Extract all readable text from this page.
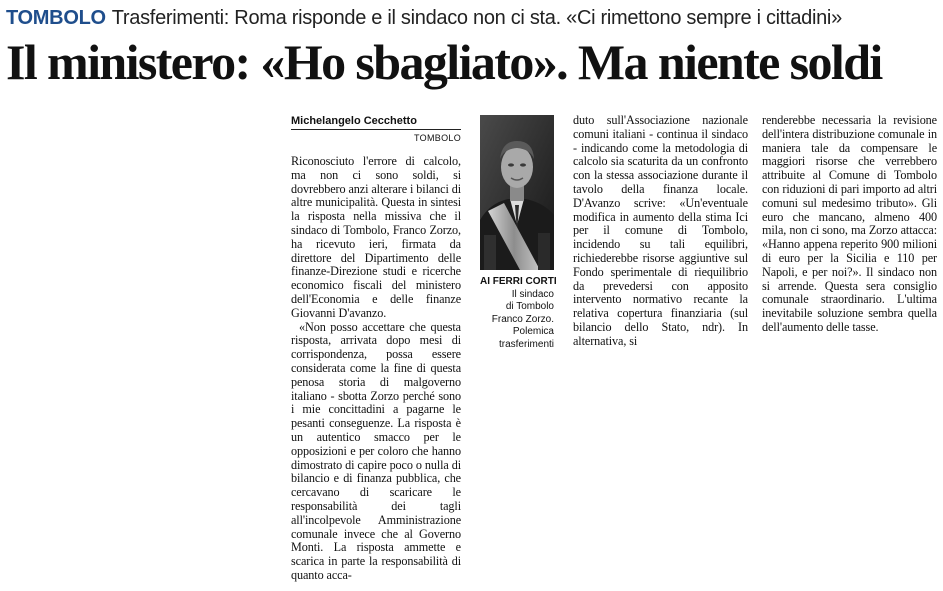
TOMBOLO Trasferimenti: Roma risponde e il sindaco non ci sta. «Ci rimettono sempre i cittadini»
Il ministero: «Ho sbagliato». Ma niente soldi
Michelangelo Cecchetto
TOMBOLO

Riconosciuto l'errore di calcolo, ma non ci sono soldi, si dovrebbero anzi alterare i bilanci di altre municipalità. Questa in sintesi la risposta nella missiva che il sindaco di Tombolo, Franco Zorzo, ha ricevuto ieri, firmata da direttore del Dipartimento delle finanze-Direzione studi e ricerche economico fiscali del ministero dell'Economia e delle finanze Giovanni D'avanzo.

«Non posso accettare che questa risposta, arrivata dopo mesi di corrispondenza, possa essere considerata come la fine di questa penosa storia di malgoverno italiano - sbotta Zorzo perché sono i mie concittadini a pagarne le pesanti conseguenze. La risposta è un autentico smacco per le opposizioni e per coloro che hanno dimostrato di capire poco o nulla di bilancio e di finanza pubblica, che cercavano di scaricare le responsabilità dei tagli all'incolpevole Amministrazione comunale invece che al Governo Monti. La risposta ammette e scarica in parte la responsabilità di quanto acca-

AI FERRI CORTI
Il sindaco
di Tombolo
Franco Zorzo.
Polemica
trasferimenti

duto sull'Associazione nazionale comuni italiani - continua il sindaco - indicando come la metodologia di calcolo sia scaturita da un confronto con la stessa associazione durante il tavolo della finanza locale. D'Avanzo scrive: «Un'eventuale modifica in aumento della stima Ici per il comune di Tombolo, incidendo su tali equilibri, richiederebbe risorse aggiuntive sul Fondo sperimentale di riequilibrio da prevedersi con apposito intervento normativo recante la relativa copertura finanziaria (sul bilancio dello Stato, ndr). In alternativa, si

renderebbe necessaria la revisione dell'intera distribuzione comunale in maniera tale da compensare le maggiori risorse che verrebbero attribuite al Comune di Tombolo con riduzioni di pari importo ad altri comuni sul medesimo tributo». Gli euro che mancano, almeno 400 mila, non ci sono, ma Zorzo attacca: «Hanno appena reperito 900 milioni di euro per la Sicilia e 110 per Napoli, e per noi?». Il sindaco non si arrende. Questa sera consiglio comunale straordinario. L'ultima inevitabile soluzione sembra quella dell'aumento delle tasse.
